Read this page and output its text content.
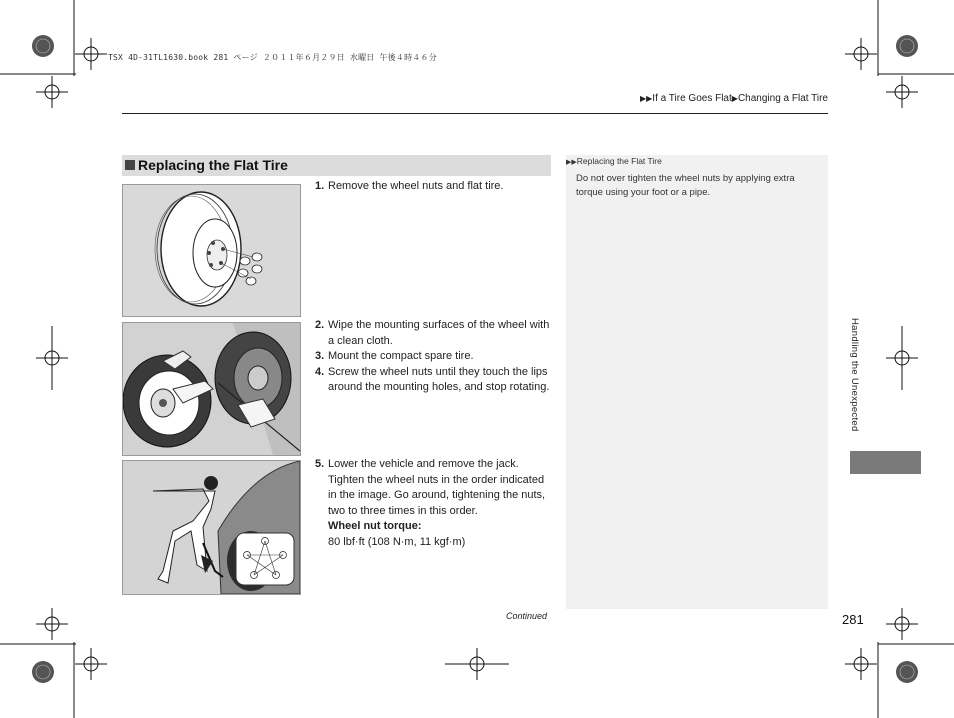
TSX 4D-31TL1630.book 281 ページ ２０１１年６月２９日 水曜日 午後４時４６分
▶▶If a Tire Goes Flat▶Changing a Flat Tire
Replacing the Flat Tire
1. Remove the wheel nuts and flat tire.
2. Wipe the mounting surfaces of the wheel with a clean cloth.
3. Mount the compact spare tire.
4. Screw the wheel nuts until they touch the lips around the mounting holes, and stop rotating.
5. Lower the vehicle and remove the jack. Tighten the wheel nuts in the order indicated in the image. Go around, tightening the nuts, two to three times in this order.
Wheel nut torque:
80 lbf·ft (108 N·m, 11 kgf·m)
▶▶Replacing the Flat Tire
Do not over tighten the wheel nuts by applying extra torque using your foot or a pipe.
Handling the Unexpected
Continued	281
